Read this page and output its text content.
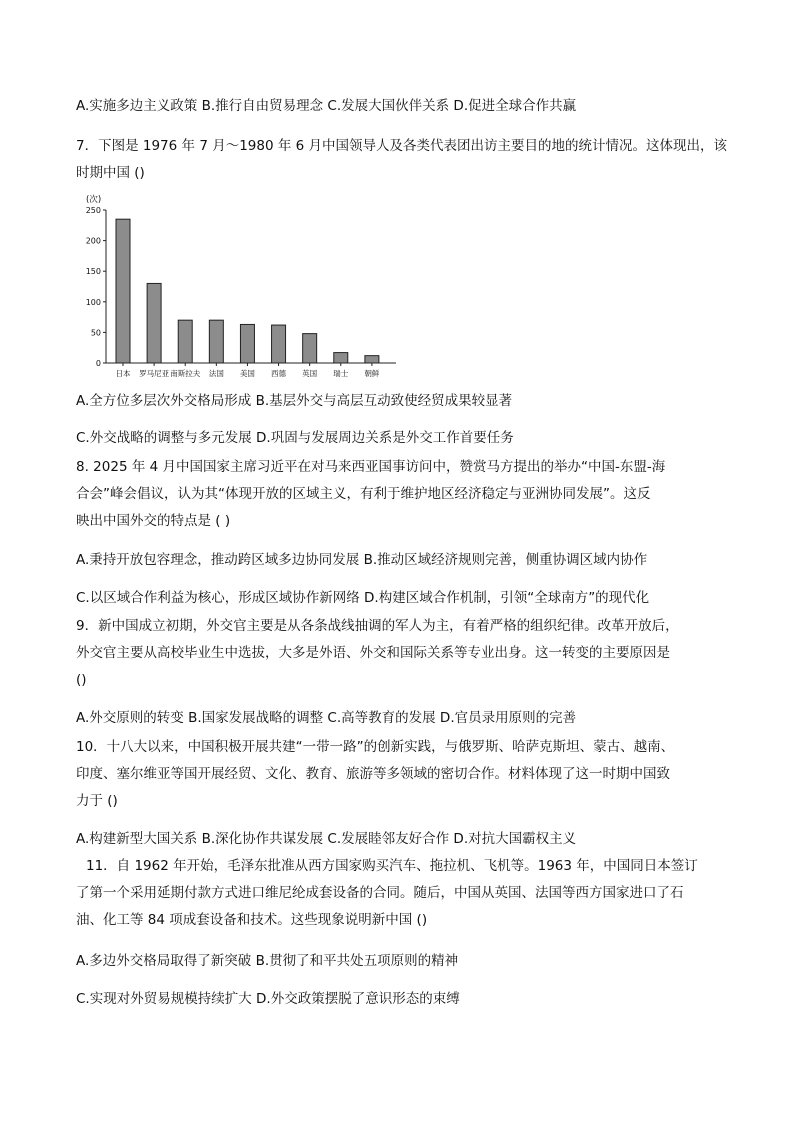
A.实施多边主义政策 B.推行自由贸易理念 C.发展大国伙伴关系 D.促进全球合作共赢
7．下图是 1976 年 7 月～1980 年 6 月中国领导人及各类代表团出访主要目的地的统计情况。这体现出，该
时期中国 ()
(次)
0
50
100
150
200
250
日本 罗马尼亚 南斯拉夫 法国 美国 西德 英国 瑞士 朝鲜
A.全方位多层次外交格局形成 B.基层外交与高层互动致使经贸成果较显著
C.外交战略的调整与多元发展 D.巩固与发展周边关系是外交工作首要任务
8. 2025 年 4 月中国国家主席习近平在对马来西亚国事访问中，赞赏马方提出的举办“中国-东盟-海
合会”峰会倡议，认为其“体现开放的区域主义，有利于维护地区经济稳定与亚洲协同发展”。这反
映出中国外交的特点是 ( )
A.秉持开放包容理念，推动跨区域多边协同发展 B.推动区域经济规则完善，侧重协调区域内协作
C.以区域合作利益为核心，形成区域协作新网络 D.构建区域合作机制，引领“全球南方”的现代化
9．新中国成立初期，外交官主要是从各条战线抽调的军人为主，有着严格的组织纪律。改革开放后，
外交官主要从高校毕业生中选拔，大多是外语、外交和国际关系等专业出身。这一转变的主要原因是
()
A.外交原则的转变 B.国家发展战略的调整 C.高等教育的发展 D.官员录用原则的完善
10．十八大以来，中国积极开展共建“一带一路”的创新实践，与俄罗斯、哈萨克斯坦、蒙古、越南、
印度、塞尔维亚等国开展经贸、文化、教育、旅游等多领域的密切合作。材料体现了这一时期中国致
力于 ()
A.构建新型大国关系 B.深化协作共谋发展 C.发展睦邻友好合作 D.对抗大国霸权主义
11．自 1962 年开始，毛泽东批准从西方国家购买汽车、拖拉机、飞机等。1963 年，中国同日本签订
了第一个采用延期付款方式进口维尼纶成套设备的合同。随后，中国从英国、法国等西方国家进口了石
油、化工等 84 项成套设备和技术。这些现象说明新中国 ()
A.多边外交格局取得了新突破 B.贯彻了和平共处五项原则的精神
C.实现对外贸易规模持续扩大 D.外交政策摆脱了意识形态的束缚
